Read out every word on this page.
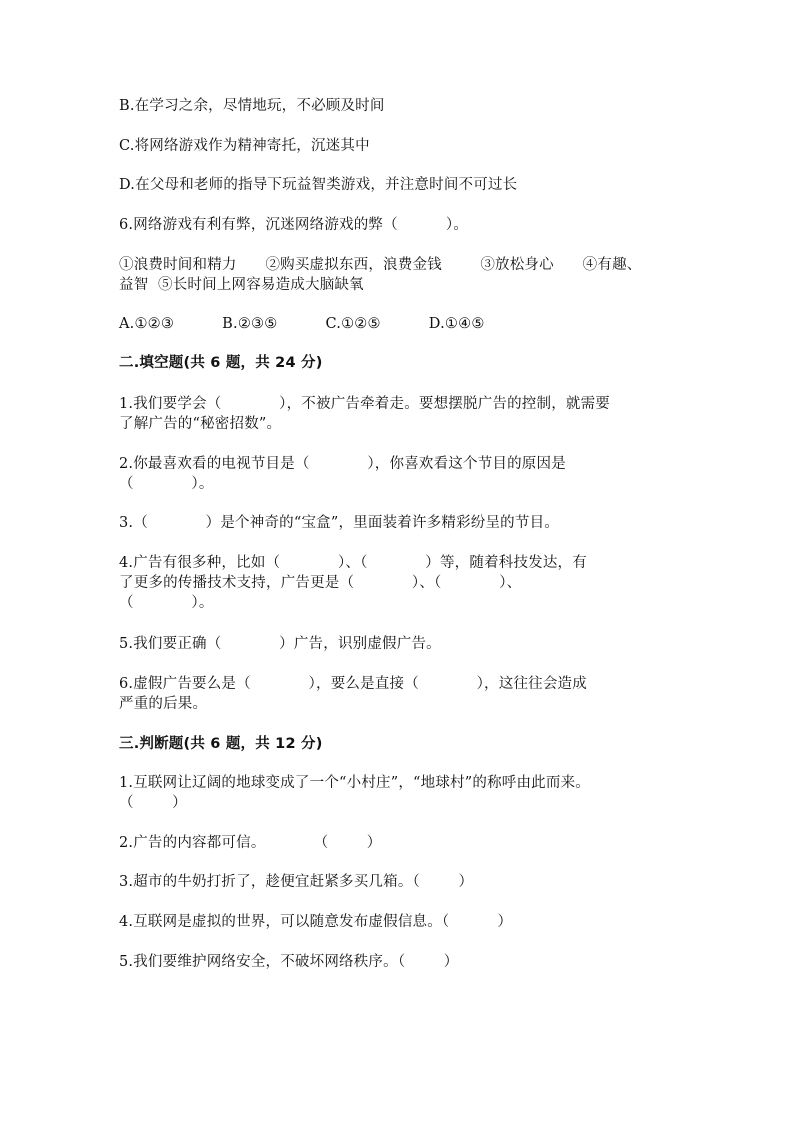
B.在学习之余，尽情地玩，不必顾及时间
C.将网络游戏作为精神寄托，沉迷其中
D.在父母和老师的指导下玩益智类游戏，并注意时间不可过长
6.网络游戏有利有弊，沉迷网络游戏的弊（          ）。
①浪费时间和精力      ②购买虚拟东西，浪费金钱        ③放松身心      ④有趣、
益智  ⑤长时间上网容易造成大脑缺氧
A.①②③          B.②③⑤          C.①②⑤          D.①④⑤
二.填空题(共 6 题，共 24 分)
1.我们要学会（            ），不被广告牵着走。要想摆脱广告的控制，就需要
了解广告的“秘密招数”。
2.你最喜欢看的电视节目是（            ），你喜欢看这个节目的原因是
（            ）。
3.（            ）是个神奇的“宝盒”，里面装着许多精彩纷呈的节目。
4.广告有很多种，比如（            ）、（            ）等，随着科技发达，有
了更多的传播技术支持，广告更是（            ）、（            ）、
（            ）。
5.我们要正确（            ）广告，识别虚假广告。
6.虚假广告要么是（            ），要么是直接（            ），这往往会造成
严重的后果。
三.判断题(共 6 题，共 12 分)
1.互联网让辽阔的地球变成了一个“小村庄”，“地球村”的称呼由此而来。
（        ）
2.广告的内容都可信。          （        ）
3.超市的牛奶打折了，趁便宜赶紧多买几箱。（        ）
4.互联网是虚拟的世界，可以随意发布虚假信息。（          ）
5.我们要维护网络安全，不破坏网络秩序。（        ）
